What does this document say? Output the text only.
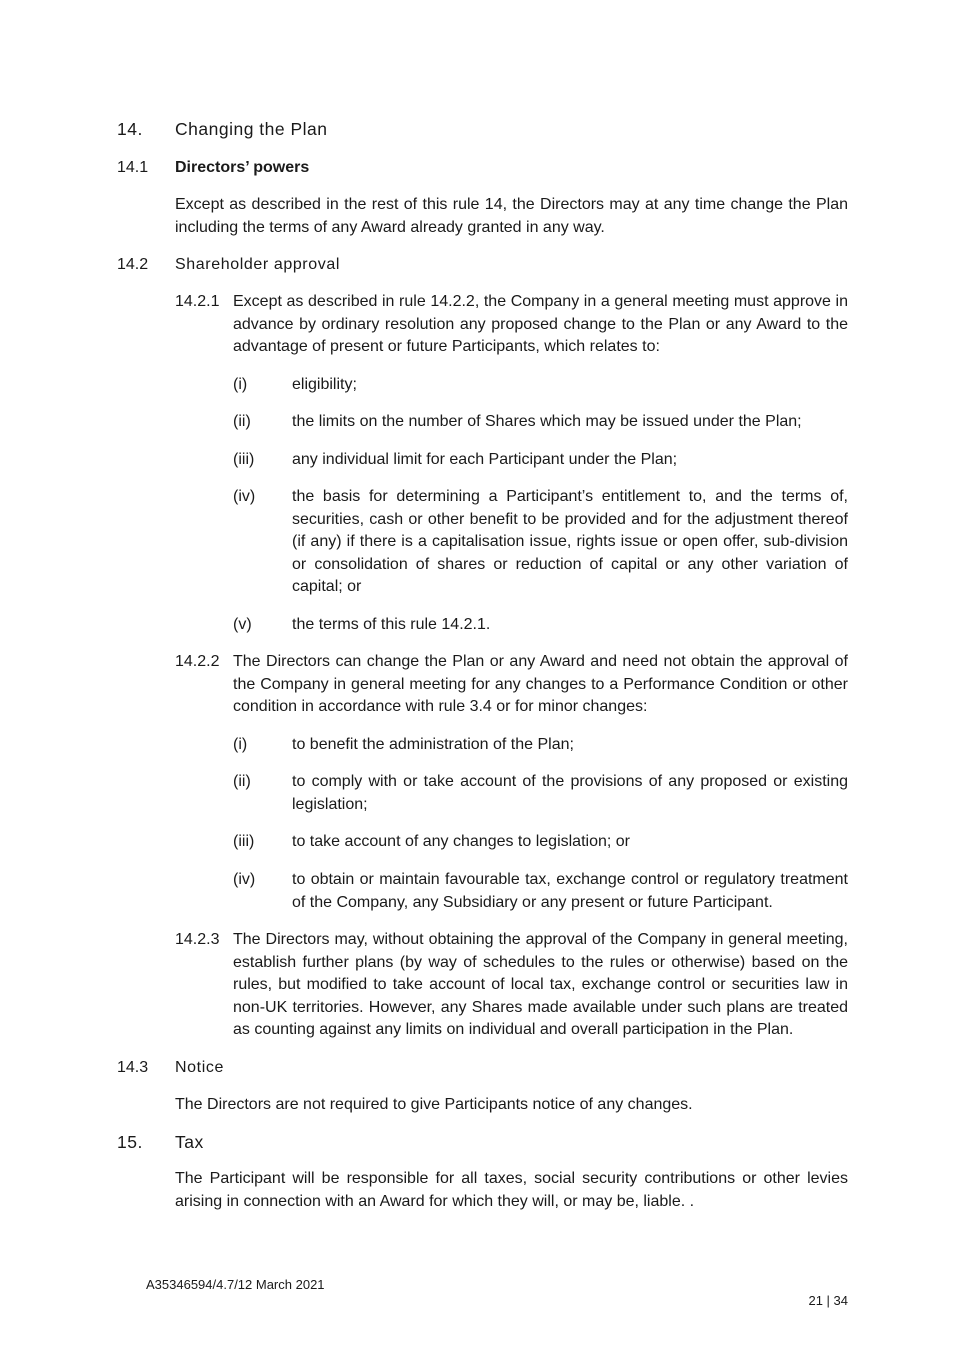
14. Changing the Plan
14.1 Directors’ powers
Except as described in the rest of this rule 14, the Directors may at any time change the Plan including the terms of any Award already granted in any way.
14.2 Shareholder approval
14.2.1 Except as described in rule 14.2.2, the Company in a general meeting must approve in advance by ordinary resolution any proposed change to the Plan or any Award to the advantage of present or future Participants, which relates to:
(i)	eligibility;
(ii)	the limits on the number of Shares which may be issued under the Plan;
(iii) any individual limit for each Participant under the Plan;
(iv) the basis for determining a Participant’s entitlement to, and the terms of, securities, cash or other benefit to be provided and for the adjustment thereof (if any) if there is a capitalisation issue, rights issue or open offer, sub-division or consolidation of shares or reduction of capital or any other variation of capital; or
(v)	the terms of this rule 14.2.1.
14.2.2 The Directors can change the Plan or any Award and need not obtain the approval of the Company in general meeting for any changes to a Performance Condition or other condition in accordance with rule 3.4 or for minor changes:
(i)	to benefit the administration of the Plan;
(ii)	to comply with or take account of the provisions of any proposed or existing legislation;
(iii) to take account of any changes to legislation; or
(iv) to obtain or maintain favourable tax, exchange control or regulatory treatment of the Company, any Subsidiary or any present or future Participant.
14.2.3 The Directors may, without obtaining the approval of the Company in general meeting, establish further plans (by way of schedules to the rules or otherwise) based on the rules, but modified to take account of local tax, exchange control or securities law in non-UK territories. However, any Shares made available under such plans are treated as counting against any limits on individual and overall participation in the Plan.
14.3 Notice
The Directors are not required to give Participants notice of any changes.
15. Tax
The Participant will be responsible for all taxes, social security contributions or other levies arising in connection with an Award for which they will, or may be, liable. .
A35346594/4.7/12 March 2021
21 | 34
